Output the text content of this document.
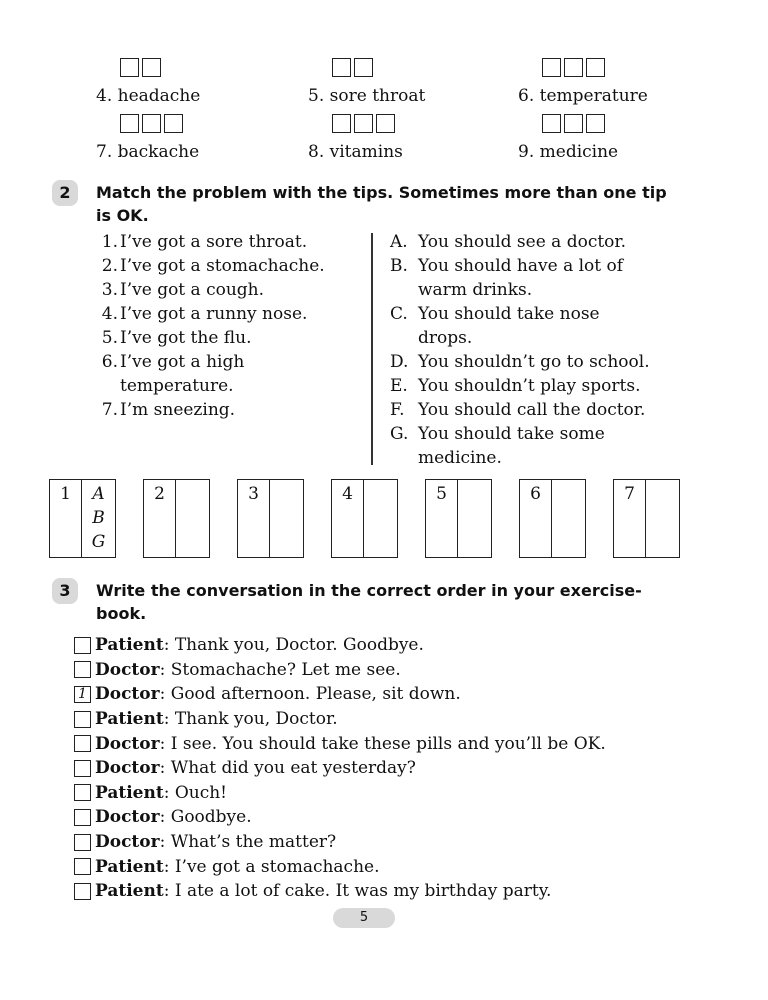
4. headache	5. sore throat	6. temperature
7. backache	8. vitamins	9. medicine
2	Match the problem with the tips. Sometimes more than one tip
is OK.
1. I’ve got a sore throat.
2. I’ve got a stomachache.
3. I’ve got a cough.
4. I’ve got a runny nose.
5. I’ve got the flu.
6. I’ve got a high
temperature.
7. I’m sneezing.
A. You should see a doctor.
B. You should have a lot of
warm drinks.
C. You should take nose
drops.
D. You shouldn’t go to school.
E. You shouldn’t play sports.
F. You should call the doctor.
G. You should take some
medicine.
1	A
B
G
2	3	4	5	6	7
3	Write the conversation in the correct order in your exercise-
book.
Patient : Thank you, Doctor. Goodbye.
Doctor : Stomachache? Let me see.
1 Doctor : Good afternoon. Please, sit down.
Patient : Thank you, Doctor.
Doctor : I see. You should take these pills and you’ll be OK.
Doctor : What did you eat yesterday?
Patient : Ouch!
Doctor : Goodbye.
Doctor : What’s the matter?
Patient : I’ve got a stomachache.
Patient : I ate a lot of cake. It was my birthday party.
5
